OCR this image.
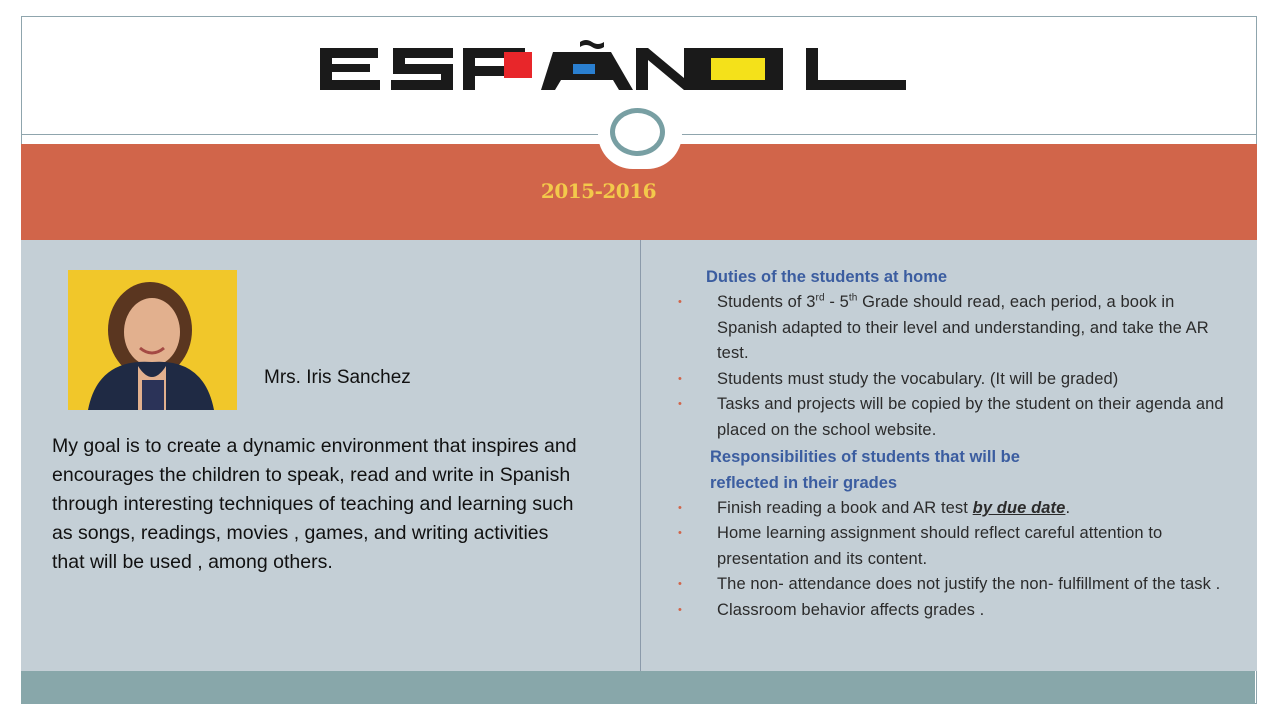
2015-2016
Mrs. Iris Sanchez

My goal is to create a dynamic environment that inspires and encourages the children to speak, read and write in Spanish through interesting techniques of teaching and learning such as songs, readings, movies , games, and writing activities that will be used , among others.

Duties of the students at home
• Students of 3rd - 5th Grade should read, each period, a book in Spanish adapted to their level and understanding, and take the AR test.
• Students must study the vocabulary. (It will be graded)
• Tasks and projects will be copied by the student on their agenda and placed on the school website.
Responsibilities of students that will be
reflected in their grades
• Finish reading a book and AR test by due date.
• Home learning assignment should reflect careful attention to presentation and its content.
• The non- attendance does not justify the non- fulfillment of the task .
• Classroom behavior affects grades .
